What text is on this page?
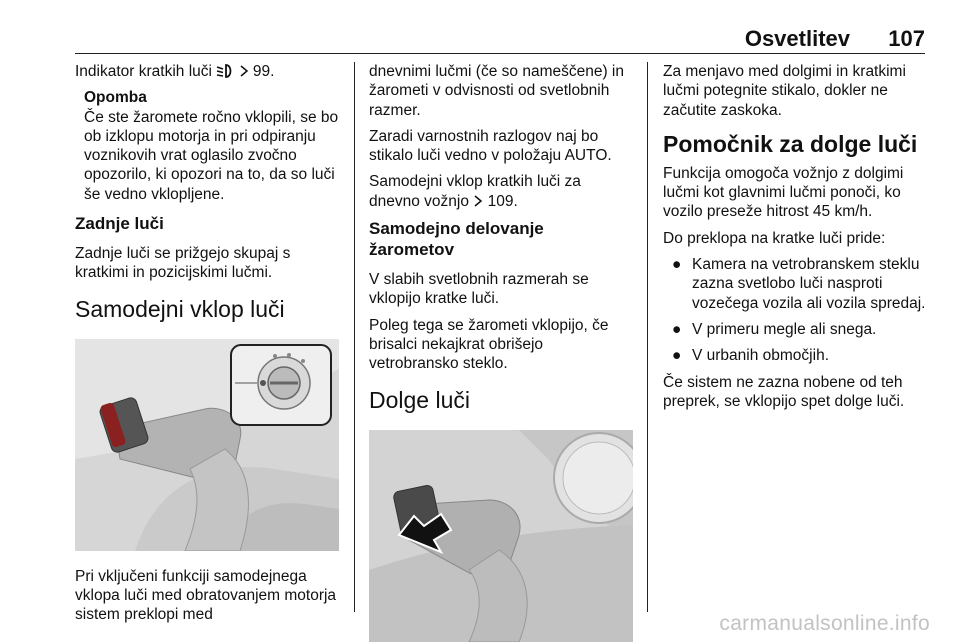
Osvetlitev 107

Indikator kratkih luči	99.

Opomba
Če ste žaromete ročno vklopili, se bo ob izklopu motorja in pri odpiranju voznikovih vrat oglasilo zvočno opozorilo, ki opozori na to, da so luči še vedno vklopljene.
Zadnje luči

Zadnje luči se prižgejo skupaj s kratkimi in pozicijskimi lučmi.

Samodejni vklop luči

Pri vključeni funkciji samodejnega vklopa luči med obratovanjem motorja sistem preklopi med

dnevnimi lučmi (če so nameščene) in žarometi v odvisnosti od svetlobnih razmer.

Zaradi varnostnih razlogov naj bo stikalo luči vedno v položaju AUTO.

Samodejni vklop kratkih luči za dnevno vožnjo 109.

Samodejno delovanje žarometov

V slabih svetlobnih razmerah se vklopijo kratke luči.

Poleg tega se žarometi vklopijo, če brisalci nekajkrat obrišejo vetrobransko steklo.

Dolge luči

Za menjavo med dolgimi in kratkimi lučmi potegnite stikalo, dokler ne začutite zaskoka.

Pomočnik za dolge luči

Funkcija omogoča vožnjo z dolgimi lučmi kot glavnimi lučmi ponoči, ko vozilo preseže hitrost 45 km/h.

Do preklopa na kratke luči pride:

● Kamera na vetrobranskem steklu zazna svetlobo luči nasproti vozečega vozila ali vozila spredaj.
● V primeru megle ali snega.
● V urbanih območjih.

Če sistem ne zazna nobene od teh preprek, se vklopijo spet dolge luči.

carmanualsonline.info
